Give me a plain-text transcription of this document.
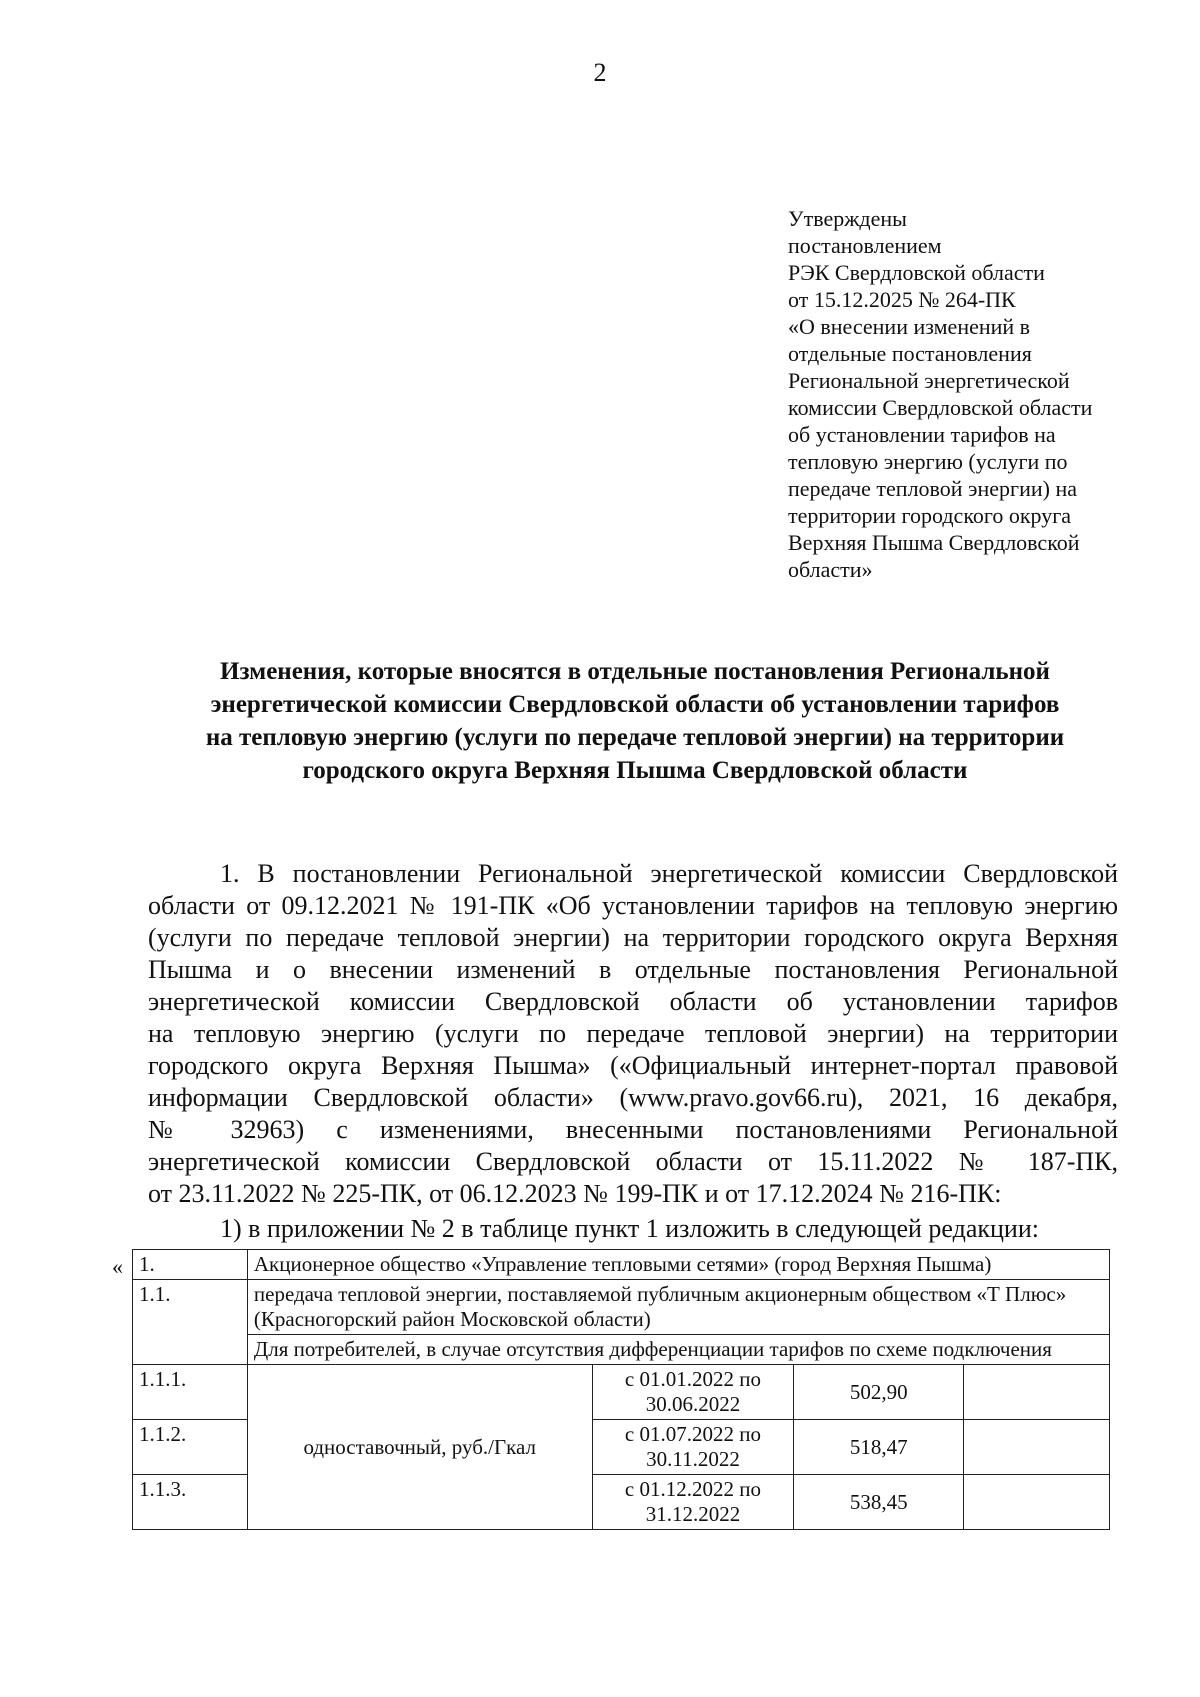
2
Утверждены
постановлением
РЭК Свердловской области
от 15.12.2025 № 264-ПК
«О внесении изменений в
отдельные постановления
Региональной энергетической
комиссии Свердловской области
об установлении тарифов на
тепловую энергию (услуги по
передаче тепловой энергии) на
территории городского округа
Верхняя Пышма Свердловской
области»
Изменения, которые вносятся в отдельные постановления Региональной
энергетической комиссии Свердловской области об установлении тарифов
на тепловую энергию (услуги по передаче тепловой энергии) на территории
городского округа Верхняя Пышма Свердловской области
1. В постановлении Региональной энергетической комиссии Свердловской
области от 09.12.2021 № 191-ПК «Об установлении тарифов на тепловую энергию
(услуги по передаче тепловой энергии) на территории городского округа Верхняя
Пышма и о внесении изменений в отдельные постановления Региональной
энергетической комиссии Свердловской области об установлении тарифов
на тепловую энергию (услуги по передаче тепловой энергии) на территории
городского округа Верхняя Пышма» («Официальный интернет-портал правовой
информации Свердловской области» (www.pravo.gov66.ru), 2021, 16 декабря,
№ 32963) с изменениями, внесенными постановлениями Региональной
энергетической комиссии Свердловской области от 15.11.2022 № 187-ПК,
от 23.11.2022 № 225-ПК, от 06.12.2023 № 199-ПК и от 17.12.2024 № 216-ПК:
1) в приложении № 2 в таблице пункт 1 изложить в следующей редакции:
« 1.	Акционерное общество «Управление тепловыми сетями» (город Верхняя Пышма)			
1.1.	передача тепловой энергии, поставляемой публичным акционерным обществом «Т Плюс» (Красногорский район Московской области)			
	Для потребителей, в случае отсутствия дифференциации тарифов по схеме подключения			
1.1.1.	одноставочный, руб./Гкал	с 01.01.2022 по 30.06.2022	502,90	
1.1.2.		с 01.07.2022 по 30.11.2022	518,47	
1.1.3.		с 01.12.2022 по 31.12.2022	538,45	
